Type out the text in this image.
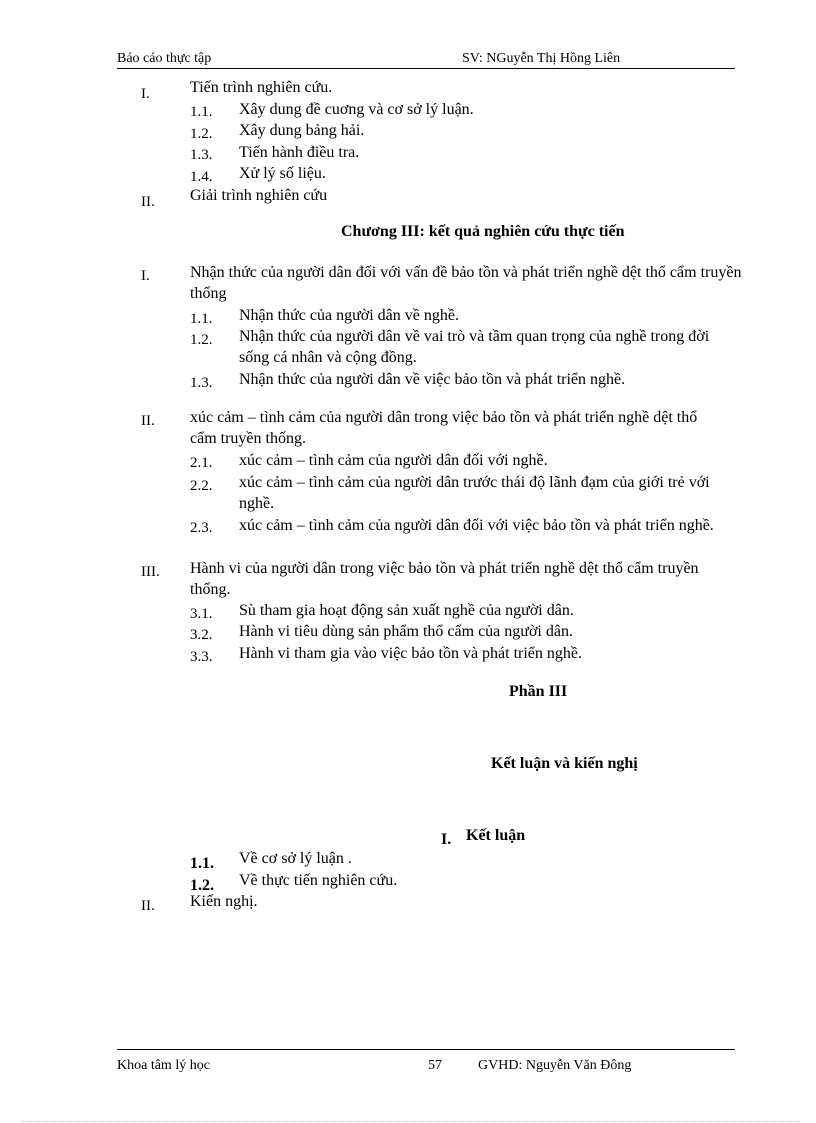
Báo cáo thực tập	SV: NGuyễn Thị Hồng Liên
I.	Tiến trình nghiên cứu.
1.1. Xây dung đề cuơng và cơ sở lý luận.
1.2. Xây dung bảng hải.
1.3. Tiến hành điều tra.
1.4. Xử lý số liệu.
II. Giải trình nghiên cứu
Chương III: kết quả nghiên cứu thực tiến
I.	Nhận thức của người dân đối với vấn đề bảo tồn và phát triển nghề dệt thổ cẩm truyền thống
1.1. Nhận thức của người dân về nghề.
1.2. Nhận thức của người dân về vai trò và tầm quan trọng của nghề trong đời sống cá nhân và cộng đồng.
1.3. Nhận thức của người dân về việc bảo tồn và phát triển nghề.
II. xúc cảm – tình cảm của người dân trong việc bảo tồn và phát triển nghề dệt thổ cẩm truyền thống.
2.1. xúc cảm – tình cảm của người dân đối với nghề.
2.2. xúc cảm – tình cảm của người dân trước thái độ lãnh đạm của giới trẻ với nghề.
2.3. xúc cảm – tình cảm của người dân đối với việc bảo tồn và phát triển nghề.
III. Hành vi của người dân trong việc bảo tồn và phát triển nghề dệt thổ cẩm truyền thống.
3.1. Sù tham gia hoạt động sản xuất nghề của người dân.
3.2. Hành vi tiêu dùng sản phẩm thổ cẩm của người dân.
3.3. Hành vi tham gia vào việc bảo tồn và phát triển nghề.
Phần III
Kết luận và kiến nghị
I. Kết luận
1.1. Về cơ sở lý luận .
1.2. Về thực tiến nghiên cứu.
II. Kiến nghị.
Khoa tâm lý học	57	GVHD: Nguyễn Văn Đông
